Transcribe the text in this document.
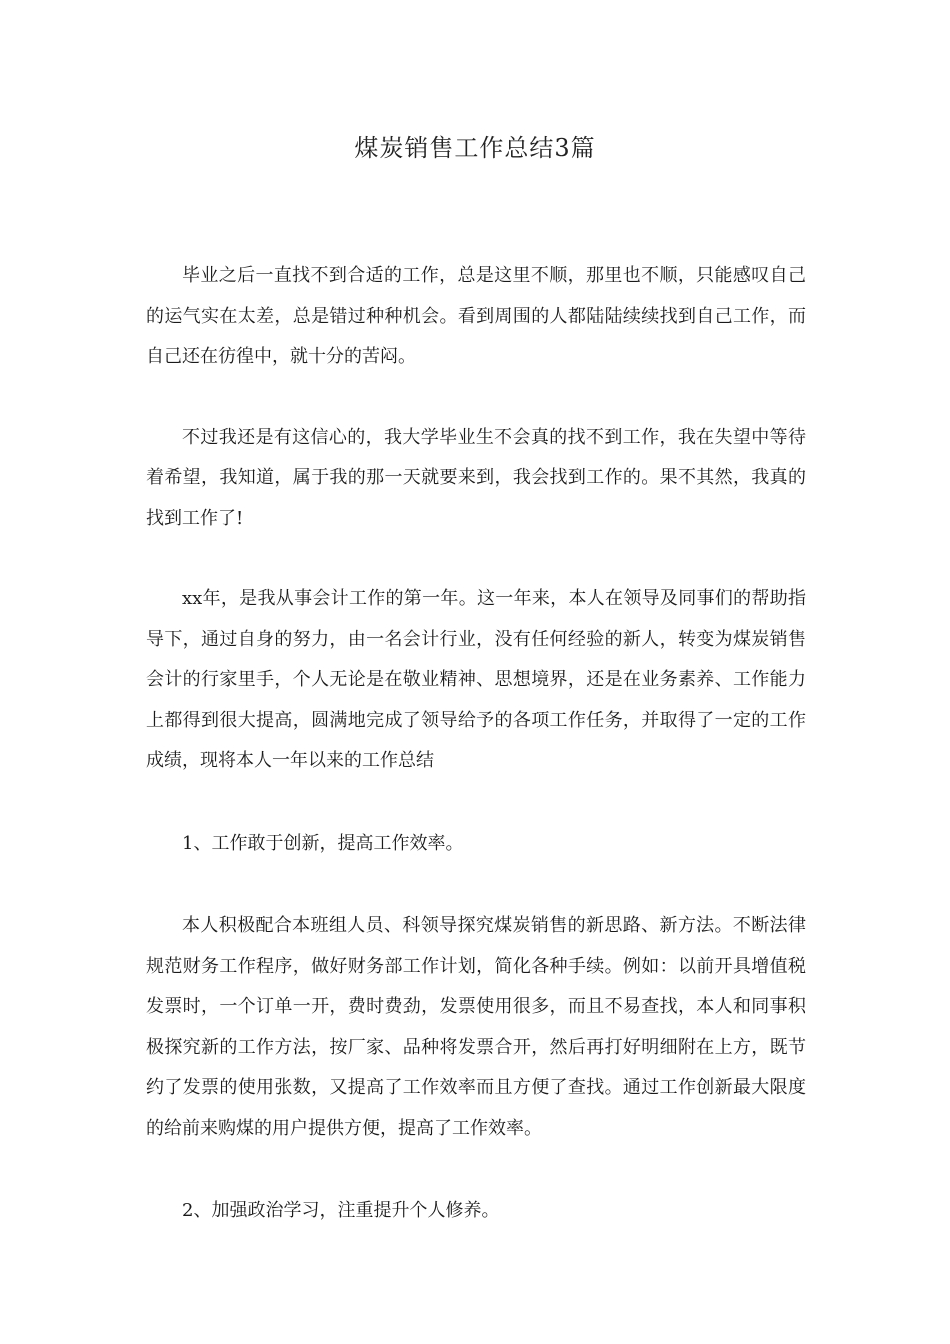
煤炭销售工作总结3篇

毕业之后一直找不到合适的工作，总是这里不顺，那里也不顺，只能感叹自己的运气实在太差，总是错过种种机会。看到周围的人都陆陆续续找到自己工作，而自己还在彷徨中，就十分的苦闷。

不过我还是有这信心的，我大学毕业生不会真的找不到工作，我在失望中等待着希望，我知道，属于我的那一天就要来到，我会找到工作的。果不其然，我真的找到工作了!

xx年，是我从事会计工作的第一年。这一年来，本人在领导及同事们的帮助指导下，通过自身的努力，由一名会计行业，没有任何经验的新人，转变为煤炭销售会计的行家里手，个人无论是在敬业精神、思想境界，还是在业务素养、工作能力上都得到很大提高，圆满地完成了领导给予的各项工作任务，并取得了一定的工作成绩，现将本人一年以来的工作总结

1、工作敢于创新，提高工作效率。

本人积极配合本班组人员、科领导探究煤炭销售的新思路、新方法。不断法律规范财务工作程序，做好财务部工作计划，简化各种手续。例如：以前开具增值税发票时，一个订单一开，费时费劲，发票使用很多，而且不易查找，本人和同事积极探究新的工作方法，按厂家、品种将发票合开，然后再打好明细附在上方，既节约了发票的使用张数，又提高了工作效率而且方便了查找。通过工作创新最大限度的给前来购煤的用户提供方便，提高了工作效率。

2、加强政治学习，注重提升个人修养。
